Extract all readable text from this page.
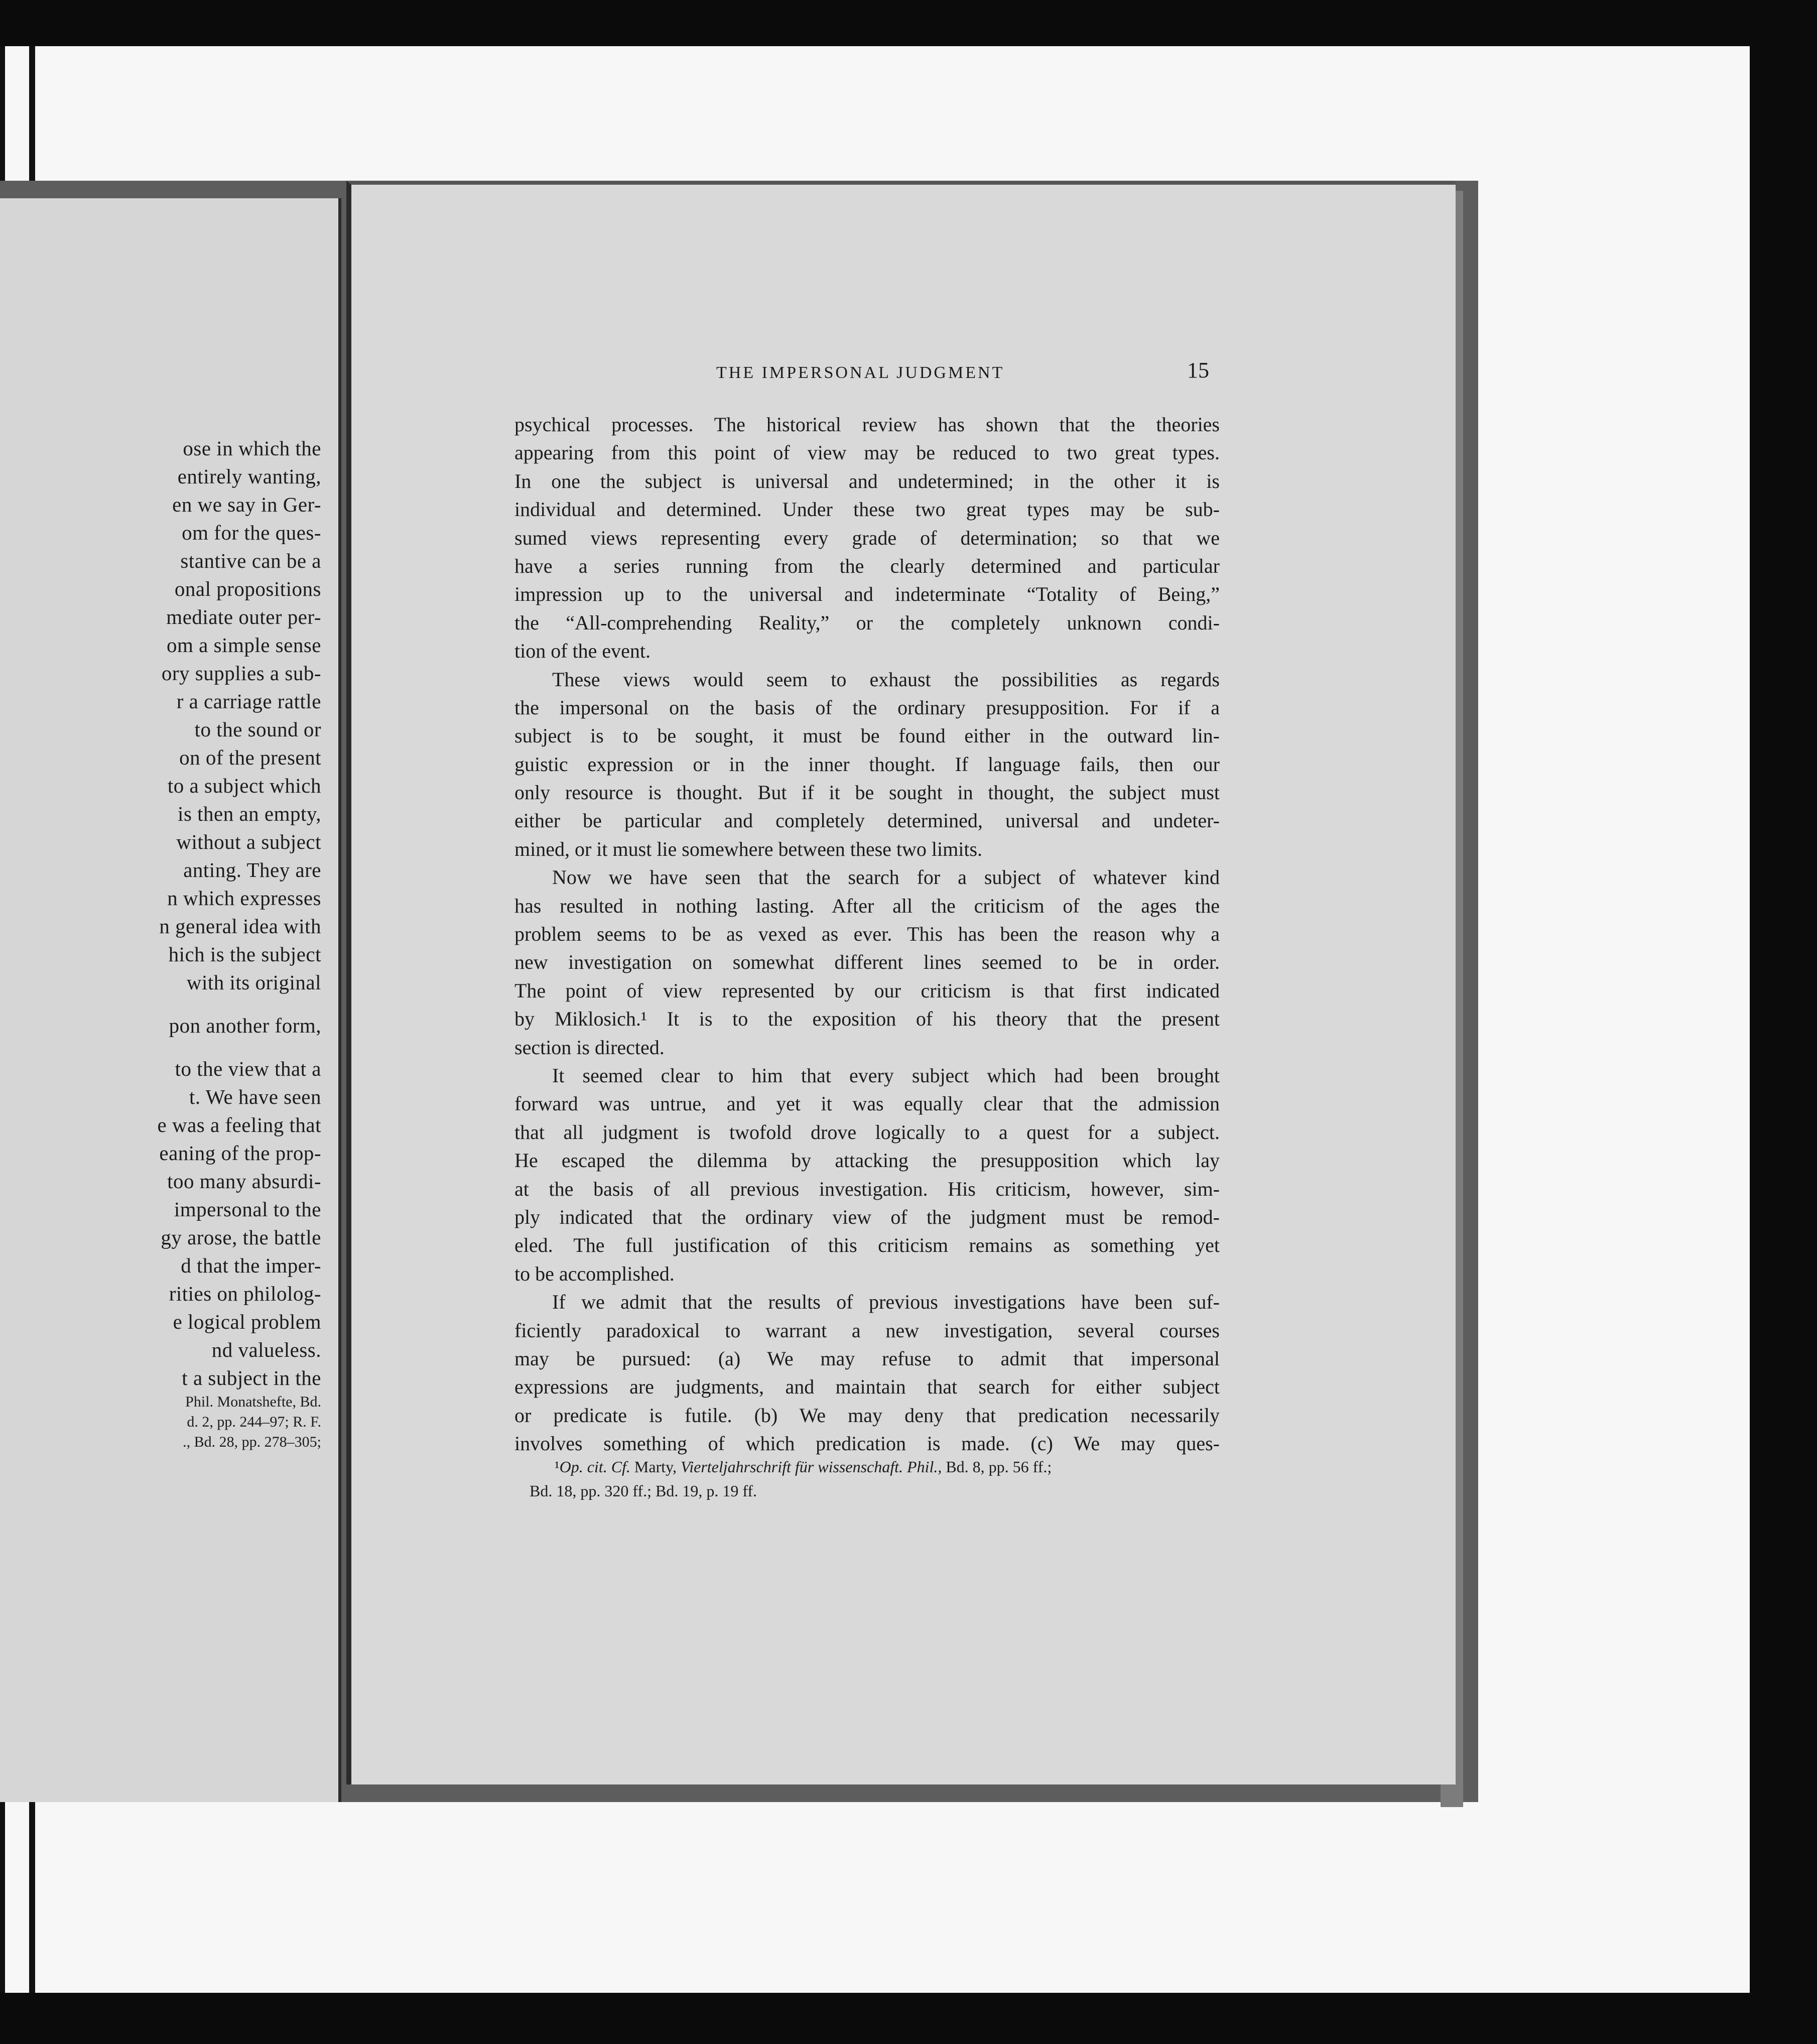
ose in which the
entirely wanting,
en we say in Ger-
om for the ques-
stantive can be a
onal propositions
mediate outer per-
om a simple sense
ory supplies a sub-
r a carriage rattle
to the sound or
on of the present
to a subject which
is then an empty,
without a subject
anting. They are
n which expresses
n general idea with
hich is the subject
with its original
pon another form,
to the view that a
t. We have seen
e was a feeling that
eaning of the prop-
too many absurdi-
impersonal to the
gy arose, the battle
d that the imper-
rities on philolog-
e logical problem
nd valueless.
t a subject in the
Phil. Monatshefte, Bd.
d. 2, pp. 244–97; R. F.
., Bd. 28, pp. 278–305;
THE IMPERSONAL JUDGMENT	15
psychical processes. The historical review has shown that the theories
appearing from this point of view may be reduced to two great types.
In one the subject is universal and undetermined; in the other it is
individual and determined. Under these two great types may be sub-
sumed views representing every grade of determination; so that we
have a series running from the clearly determined and particular
impression up to the universal and indeterminate “Totality of Being,”
the “All-comprehending Reality,” or the completely unknown condi-
tion of the event.
These views would seem to exhaust the possibilities as regards
the impersonal on the basis of the ordinary presupposition. For if a
subject is to be sought, it must be found either in the outward lin-
guistic expression or in the inner thought. If language fails, then our
only resource is thought. But if it be sought in thought, the subject must
either be particular and completely determined, universal and undeter-
mined, or it must lie somewhere between these two limits.
Now we have seen that the search for a subject of whatever kind
has resulted in nothing lasting. After all the criticism of the ages the
problem seems to be as vexed as ever. This has been the reason why a
new investigation on somewhat different lines seemed to be in order.
The point of view represented by our criticism is that first indicated
by Miklosich.¹ It is to the exposition of his theory that the present
section is directed.
It seemed clear to him that every subject which had been brought
forward was untrue, and yet it was equally clear that the admission
that all judgment is twofold drove logically to a quest for a subject.
He escaped the dilemma by attacking the presupposition which lay
at the basis of all previous investigation. His criticism, however, sim-
ply indicated that the ordinary view of the judgment must be remod-
eled. The full justification of this criticism remains as something yet
to be accomplished.
If we admit that the results of previous investigations have been suf-
ficiently paradoxical to warrant a new investigation, several courses
may be pursued: (a) We may refuse to admit that impersonal
expressions are judgments, and maintain that search for either subject
or predicate is futile. (b) We may deny that predication necessarily
involves something of which predication is made. (c) We may ques-
¹Op. cit. Cf. Marty, Vierteljahrschrift für wissenschaft. Phil., Bd. 8, pp. 56 ff.;
Bd. 18, pp. 320 ff.; Bd. 19, p. 19 ff.
